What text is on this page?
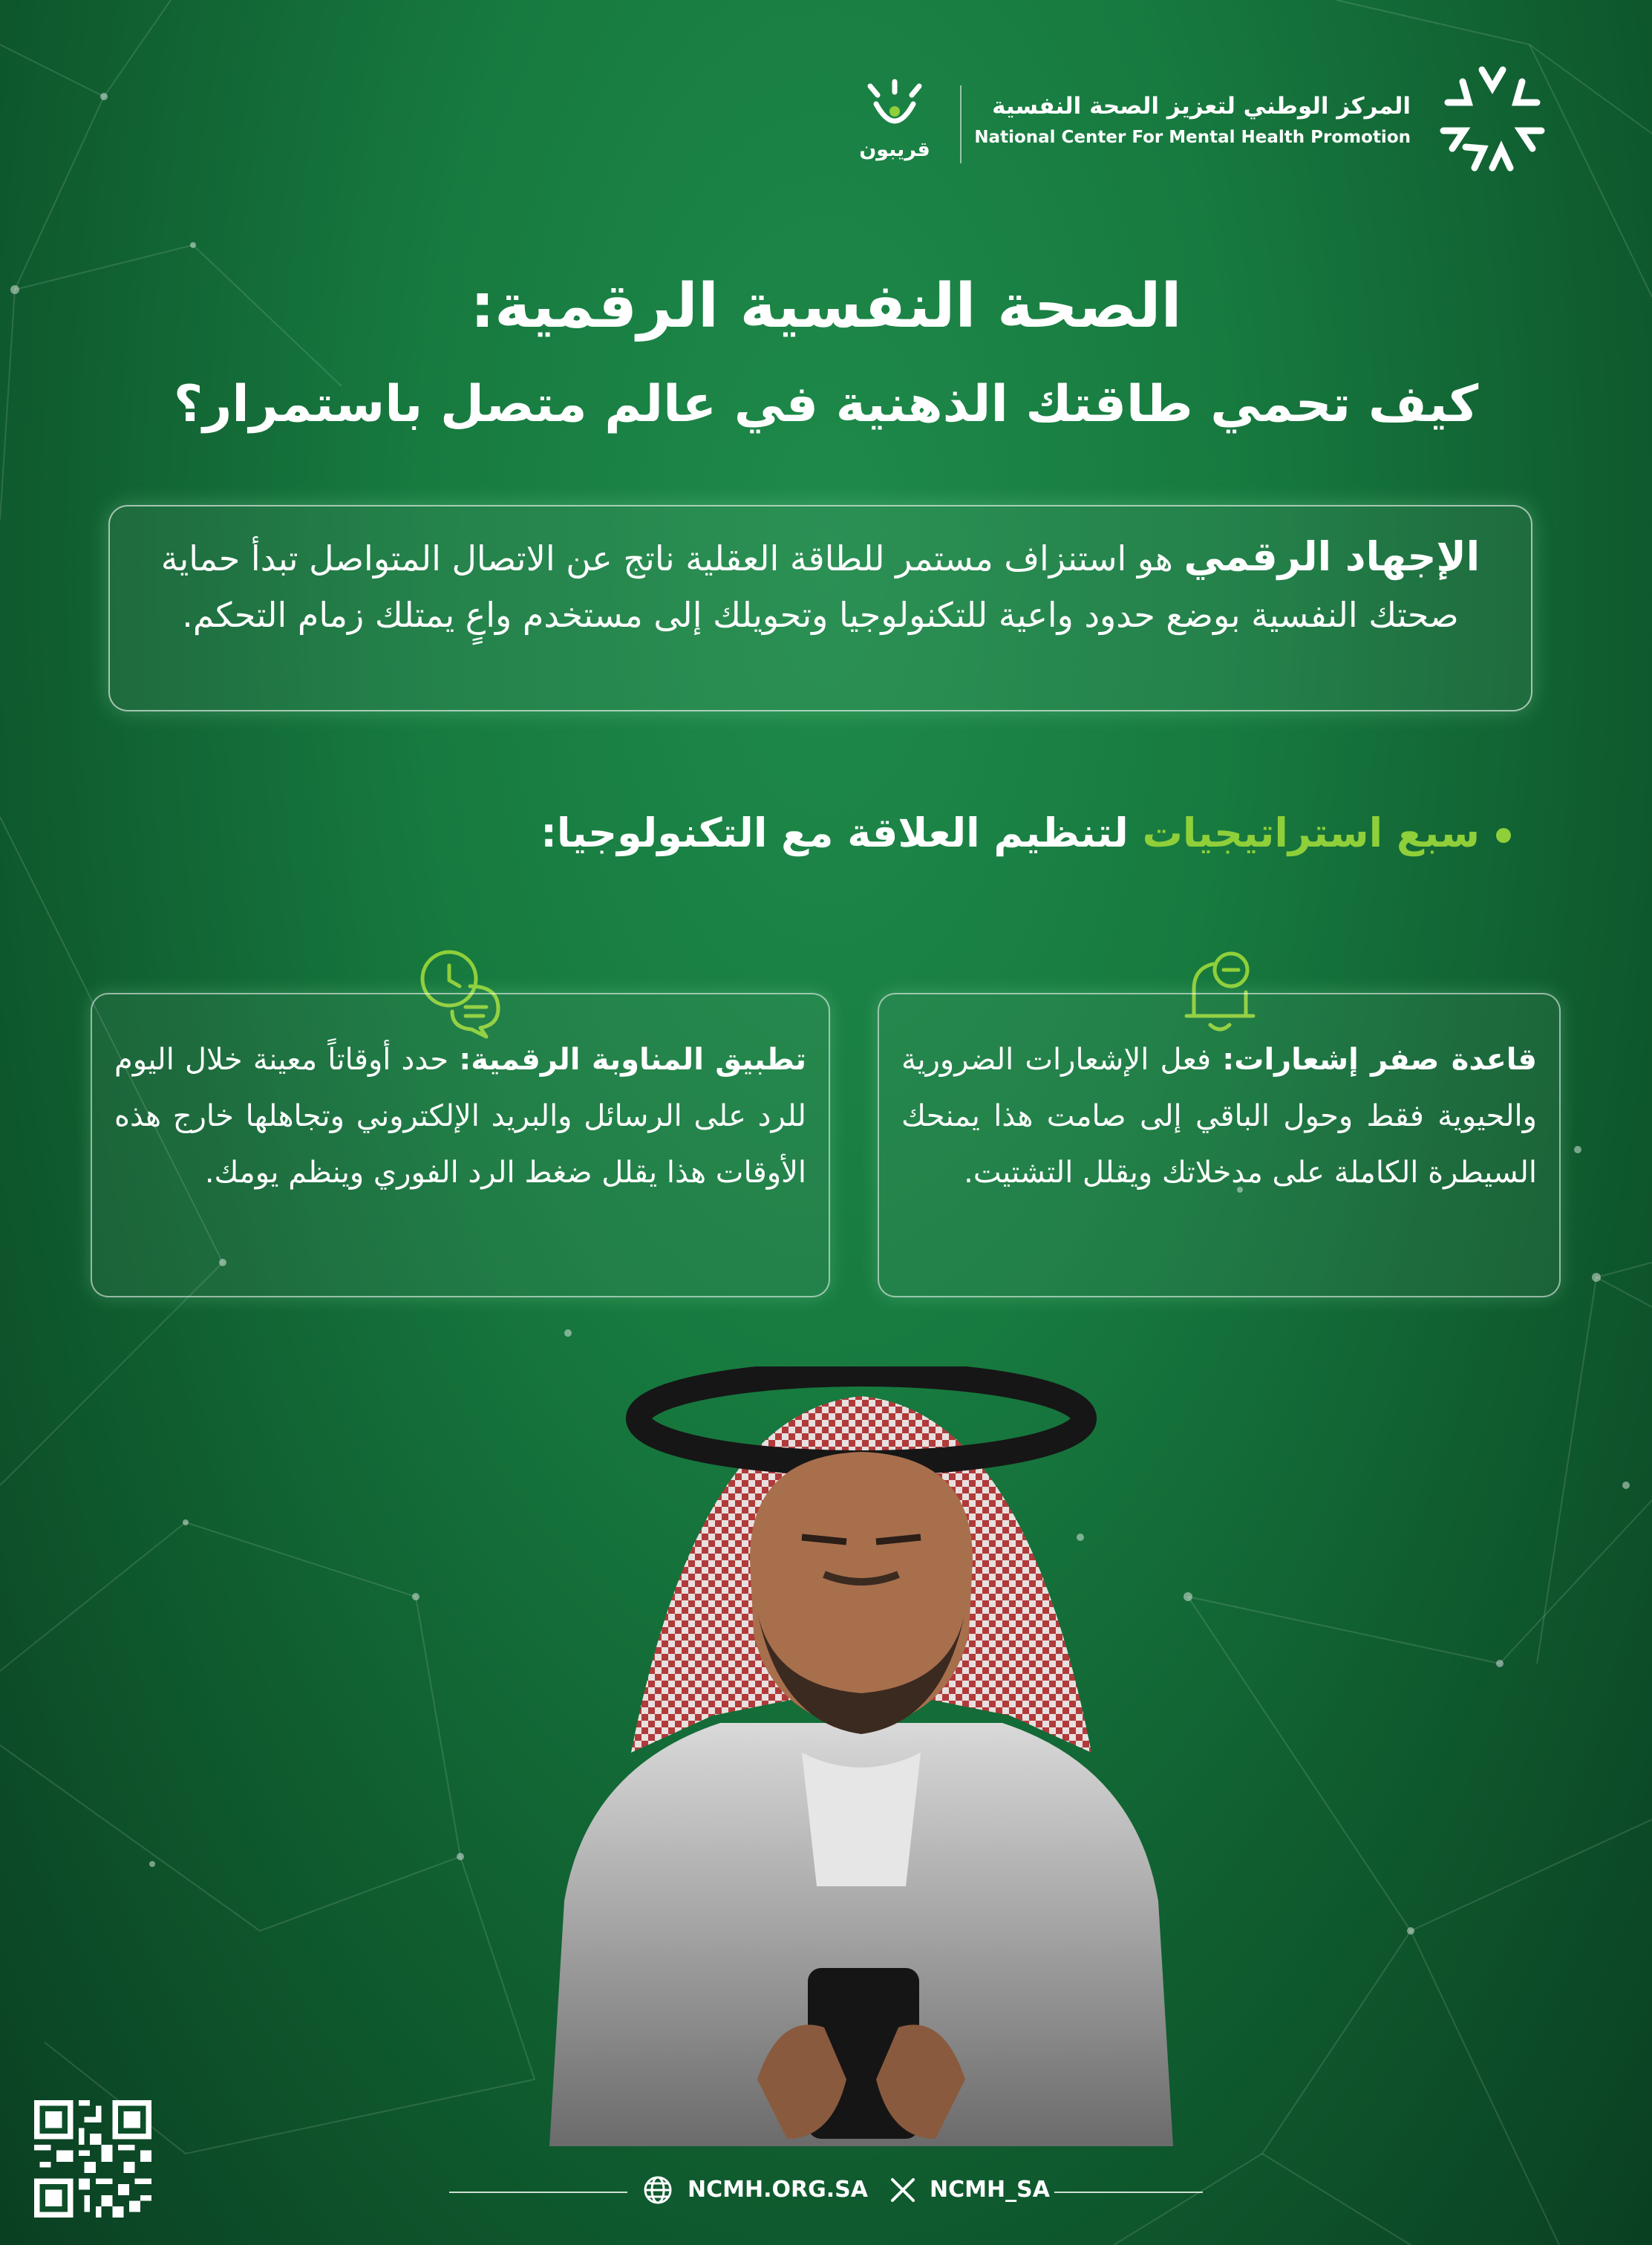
المركز الوطني لتعزيز الصحة النفسية
National Center For Mental Health Promotion
قريبون
الصحة النفسية الرقمية:
كيف تحمي طاقتك الذهنية في عالم متصل باستمرار؟
الإجهاد الرقمي هو استنزاف مستمر للطاقة العقلية ناتج عن الاتصال المتواصل تبدأ حماية صحتك النفسية بوضع حدود واعية للتكنولوجيا وتحويلك إلى مستخدم واعٍ يمتلك زمام التحكم.
سبع استراتيجيات لتنظيم العلاقة مع التكنولوجيا:
قاعدة صفر إشعارات: فعل الإشعارات الضرورية والحيوية فقط وحول الباقي إلى صامت هذا يمنحك السيطرة الكاملة على مدخلاتك ويقلل التشتيت.
تطبيق المناوبة الرقمية: حدد أوقاتاً معينة خلال اليوم للرد على الرسائل والبريد الإلكتروني وتجاهلها خارج هذه الأوقات هذا يقلل ضغط الرد الفوري وينظم يومك.
NCMH.ORG.SA	NCMH_SA
